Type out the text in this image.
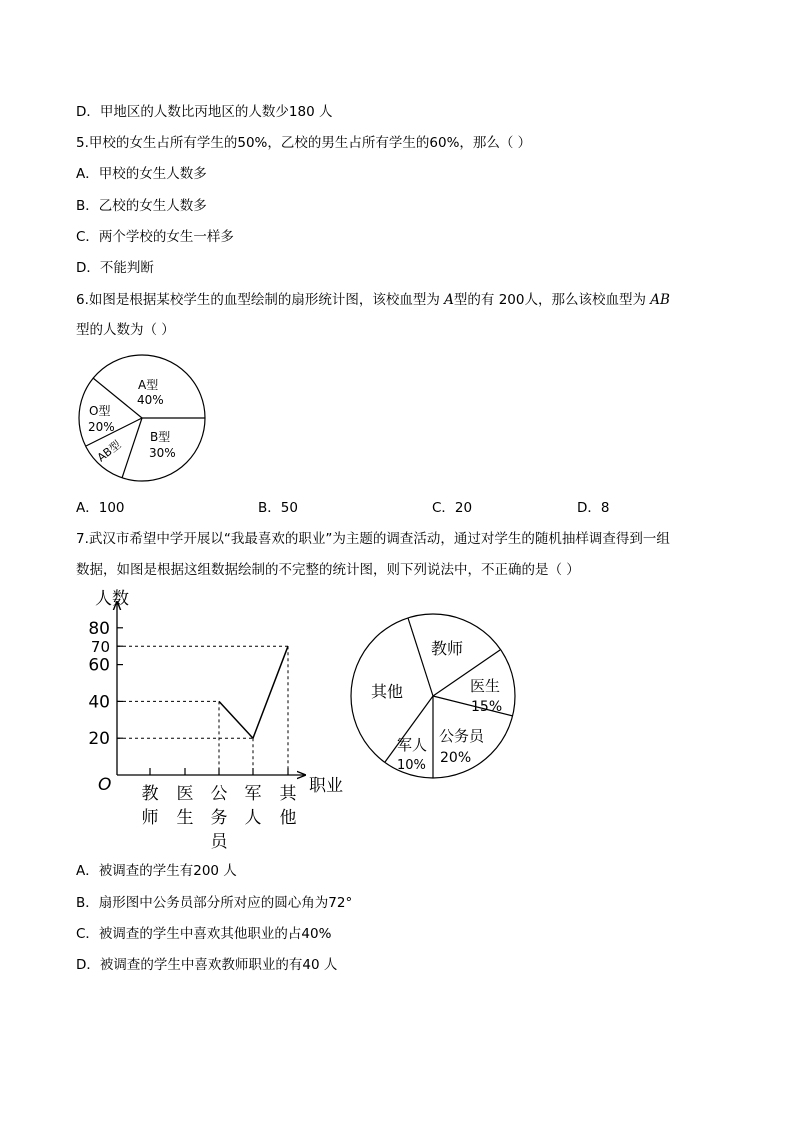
D．甲地区的人数比丙地区的人数少180 人
5.甲校的女生占所有学生的50%，乙校的男生占所有学生的60%，那么（ ）
A．甲校的女生人数多
B．乙校的女生人数多
C．两个学校的女生一样多
D．不能判断
6.如图是根据某校学生的血型绘制的扇形统计图，该校血型为 A型的有 200人，那么该校血型为 AB
型的人数为（ ）
A型
40%
O型
20%
B型
30%
AB型
A．100	B．50	C．20	D．8
7.武汉市希望中学开展以“我最喜欢的职业”为主题的调查活动，通过对学生的随机抽样调查得到一组
数据，如图是根据这组数据绘制的不完整的统计图，则下列说法中，不正确的是（ ）
人数
职业
O
20
40
60
70
80
教师
医生
公务员
军人
其他
教师
其他	医生
15%
公务员
20%
军人
10%
A．被调查的学生有200 人
B．扇形图中公务员部分所对应的圆心角为72°
C．被调查的学生中喜欢其他职业的占40%
D．被调查的学生中喜欢教师职业的有40 人
